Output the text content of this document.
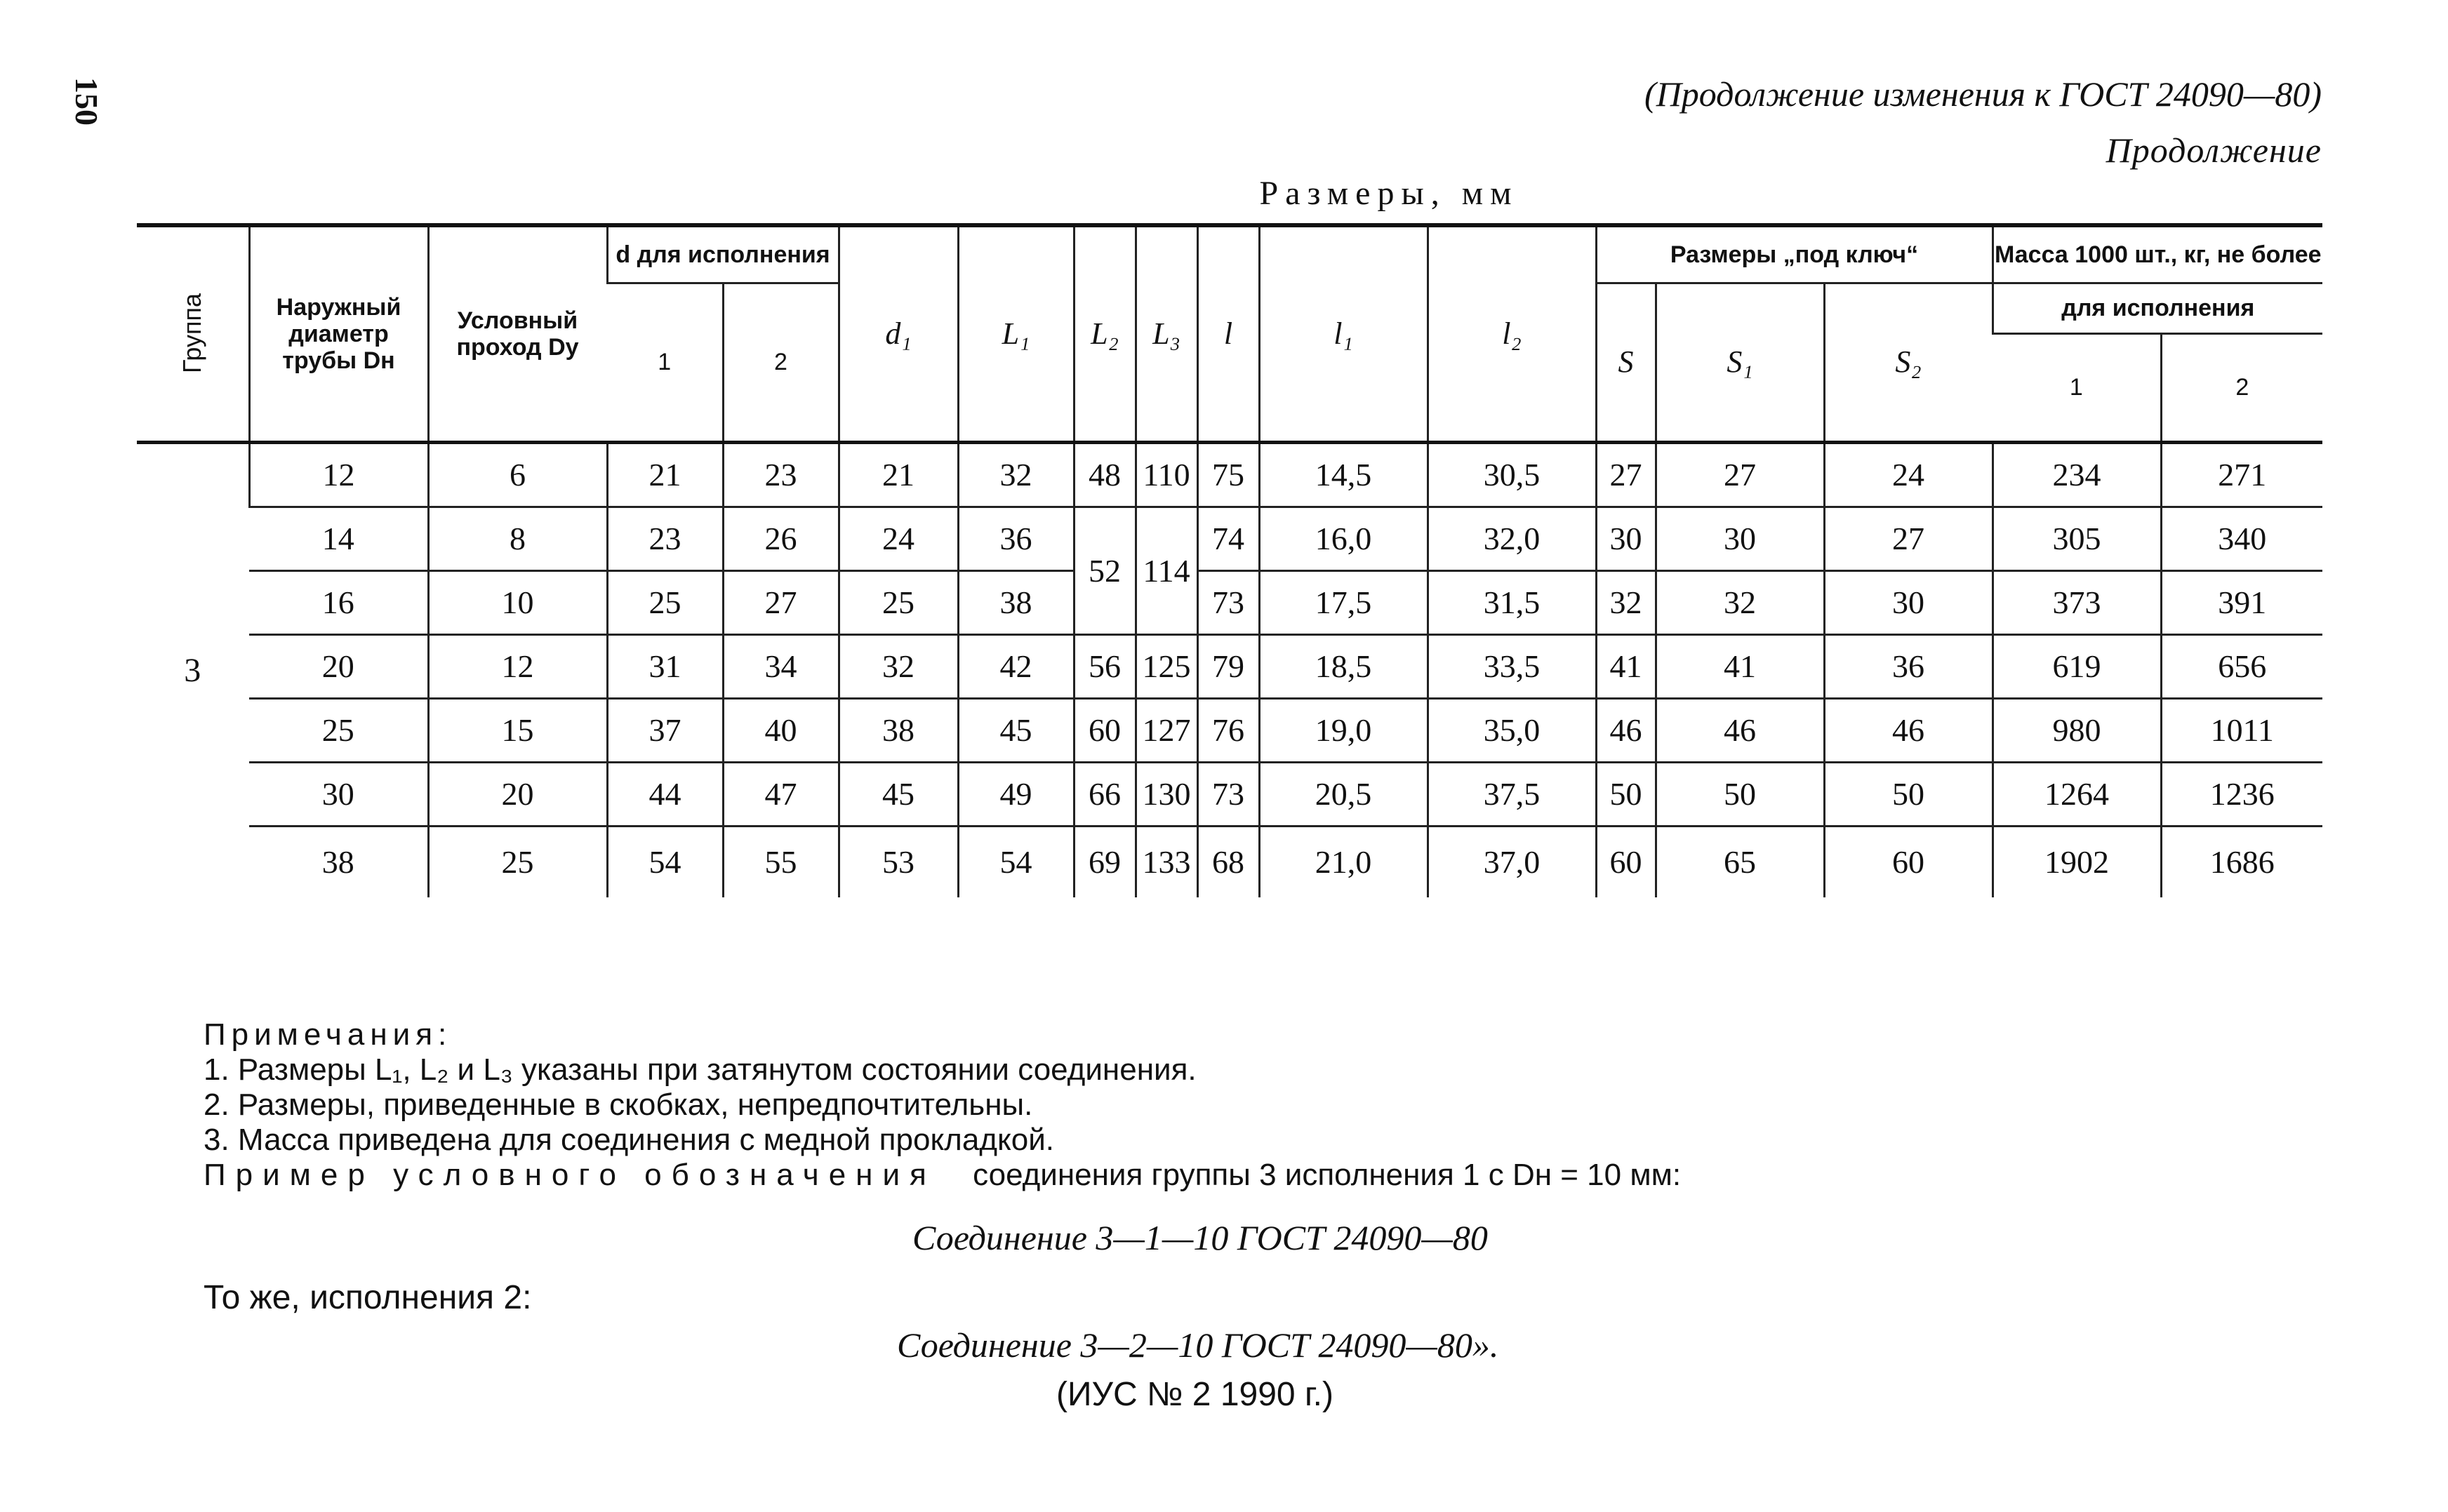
150	(Продолжение изменения к ГОСТ 24090—80)
Продолжение
Размеры, мм
Группа	Наружный диаметр трубы Dн	Условный проход Dу	d для исполнения		d₁	L₁	L₂	L₃	l	l₁	l₂	Размеры „под ключ“			Масса 1000 шт., кг, не более	
			1	2								S	S₁	S₂	для исполнения	
															1	2
3	12	6	21	23	21	32	48	110	75	14,5	30,5	27	27	24	234	271
	14	8	23	26	24	36	52	114	74	16,0	32,0	30	30	27	305	340
	16	10	25	27	25	38			73	17,5	31,5	32	32	30	373	391
	20	12	31	34	32	42	56	125	79	18,5	33,5	41	41	36	619	656
	25	15	37	40	38	45	60	127	76	19,0	35,0	46	46	46	980	1011
	30	20	44	47	45	49	66	130	73	20,5	37,5	50	50	50	1264	1236
	38	25	54	55	53	54	69	133	68	21,0	37,0	60	65	60	1902	1686
Примечания:
1. Размеры L₁, L₂ и L₃ указаны при затянутом состоянии соединения.
2. Размеры, приведенные в скобках, непредпочтительны.
3. Масса приведена для соединения с медной прокладкой.
Пример условного обозначения соединения группы 3 исполнения 1 с Dн = 10 мм:
Соединение 3—1—10 ГОСТ 24090—80
То же, исполнения 2:
Соединение 3—2—10 ГОСТ 24090—80».
(ИУС № 2 1990 г.)
